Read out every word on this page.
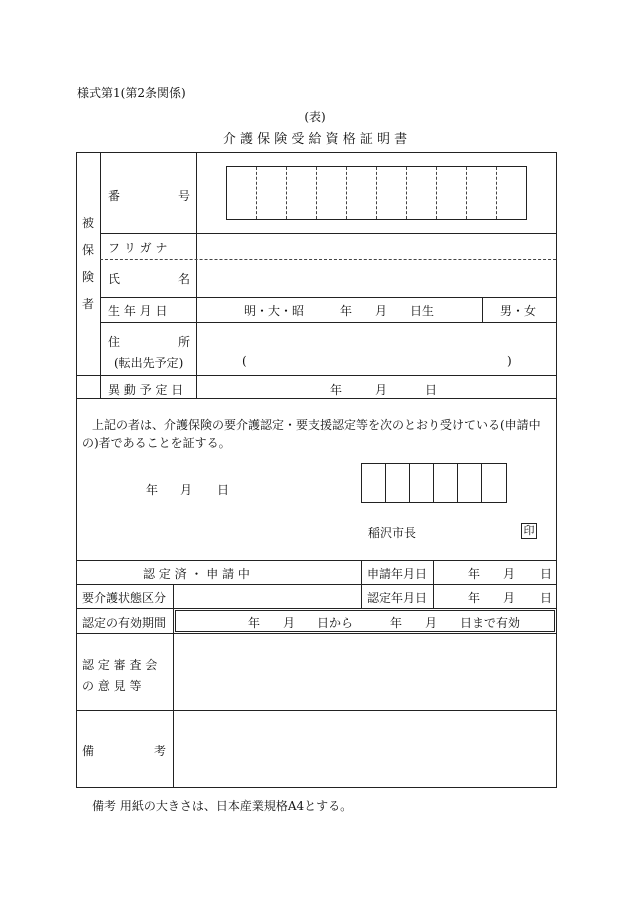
様式第1(第2条関係)
(表)
介 護 保 険 受 給 資 格 証 明 書
被
保
険
者
番	号
フ リ ガ ナ
氏	名
生 年 月 日	明・大・昭	年 月 日生	男・女
住	所
(転出先予定)	(	)
異 動 予 定 日	年	月	日
上記の者は、介護保険の要介護認定・要支援認定等を次のとおり受けている(申請中
の)者であることを証する。
年 月 日
稲沢市長	印
認 定 済 ・ 申 請 中	申請年月日	年 月 日
要介護状態区分	認定年月日	年 月 日
認定の有効期間	年 月 日から	年 月 日まで有効
認 定 審 査 会
の 意 見 等
備	考
備考 用紙の大きさは、日本産業規格A4とする。
